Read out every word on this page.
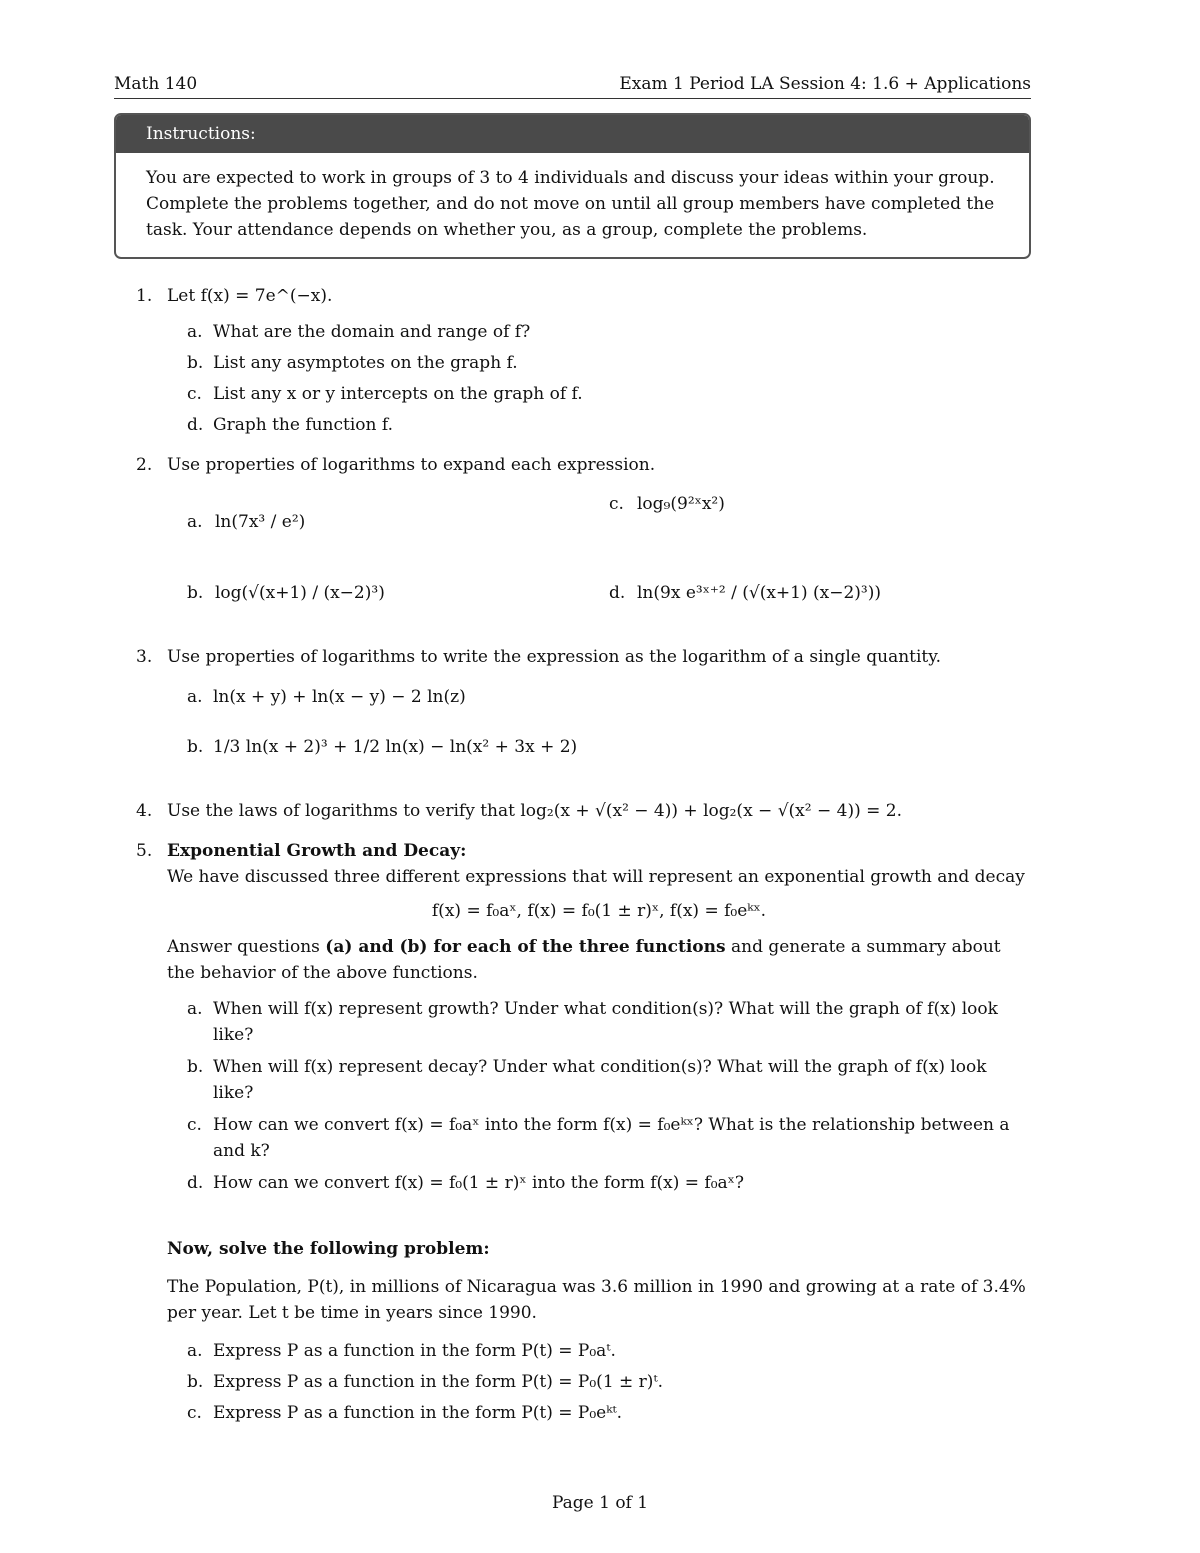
Math 140	Exam 1 Period LA Session 4: 1.6 + Applications
Instructions:
You are expected to work in groups of 3 to 4 individuals and discuss your ideas within your group. Complete the problems together, and do not move on until all group members have completed the task. Your attendance depends on whether you, as a group, complete the problems.
1. Let f(x) = 7e^(−x).
a. What are the domain and range of f?
b. List any asymptotes on the graph f.
c. List any x or y intercepts on the graph of f.
d. Graph the function f.
2. Use properties of logarithms to expand each expression.
a. ln(7x³ / e²)
c. log₉(9²ˣx²)
b. log(√(x+1) / (x−2)³)	d. ln(9x e³ˣ⁺² / (√(x+1) (x−2)³))
3. Use properties of logarithms to write the expression as the logarithm of a single quantity.
a. ln(x + y) + ln(x − y) − 2 ln(z)
b. 1/3 ln(x + 2)³ + 1/2 ln(x) − ln(x² + 3x + 2)
4. Use the laws of logarithms to verify that log₂(x + √(x² − 4)) + log₂(x − √(x² − 4)) = 2.
5. Exponential Growth and Decay:
We have discussed three different expressions that will represent an exponential growth and decay
f(x) = f₀aˣ, f(x) = f₀(1 ± r)ˣ, f(x) = f₀eᵏˣ.
Answer questions (a) and (b) for each of the three functions and generate a summary about the behavior of the above functions.
a. When will f(x) represent growth? Under what condition(s)? What will the graph of f(x) look like?
b. When will f(x) represent decay? Under what condition(s)? What will the graph of f(x) look like?
c. How can we convert f(x) = f₀aˣ into the form f(x) = f₀eᵏˣ? What is the relationship between a and k?
d. How can we convert f(x) = f₀(1 ± r)ˣ into the form f(x) = f₀aˣ?
Now, solve the following problem:
The Population, P(t), in millions of Nicaragua was 3.6 million in 1990 and growing at a rate of 3.4% per year. Let t be time in years since 1990.
a. Express P as a function in the form P(t) = P₀aᵗ.
b. Express P as a function in the form P(t) = P₀(1 ± r)ᵗ.
c. Express P as a function in the form P(t) = P₀eᵏᵗ.
Page 1 of 1
